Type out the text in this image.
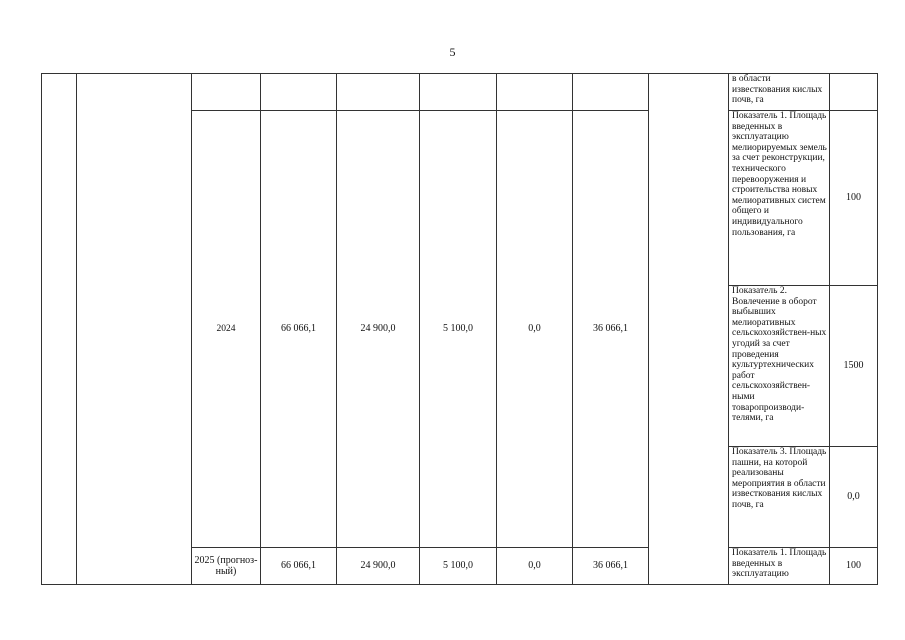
5
									в области известкования кислых почв, га	
		2024	66 066,1	24 900,0	5 100,0	0,0	36 066,1		Показатель 1. Площадь введенных в эксплуатацию мелиорируемых земель за счет реконструкции, технического перевооружения и строительства новых мелиоративных систем общего и индивидуального пользования, га	100
									Показатель 2. Вовлечение в оборот выбывших мелиоративных сельскохозяйствен-ных угодий за счет проведения культуртехнических работ сельскохозяйствен-ными товаропроизводи-телями, га	1500
									Показатель 3. Площадь пашни, на которой реализованы мероприятия в области известкования кислых почв, га	0,0
		2025 (прогноз-ный)	66 066,1	24 900,0	5 100,0	0,0	36 066,1		Показатель 1. Площадь введенных в эксплуатацию	100
